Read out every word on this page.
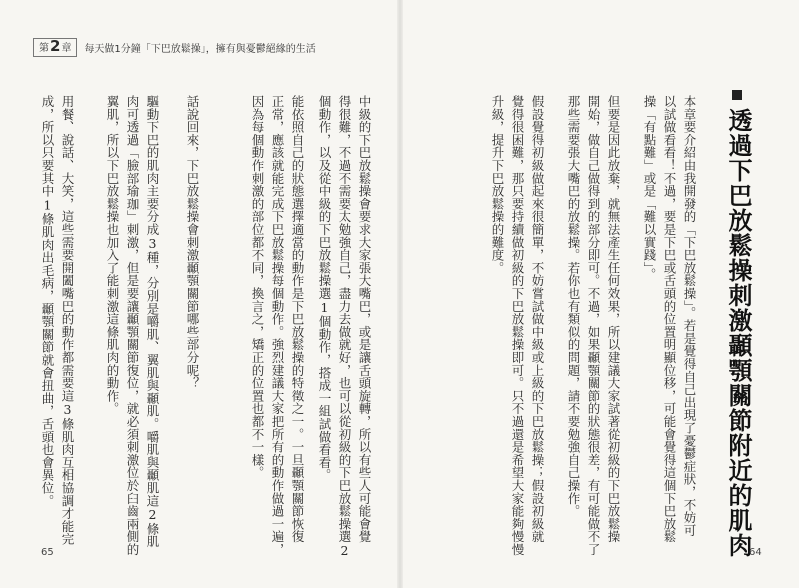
第 2 章 每天做1分鐘「下巴放鬆操」，擁有與憂鬱絕緣的生活
透過下巴放鬆操刺激顳顎關節附近的肌肉
本章要介紹由我開發的「下巴放鬆操」。若是覺得自己出現了憂鬱症狀，不妨可
以試做看看！不過，要是下巴或舌頭的位置明顯位移，可能會覺得這個下巴放鬆
操「有點難」或是「難以實踐」。
但要是因此放棄，就無法產生任何效果，所以建議大家試著從初級的下巴放鬆操
開始，做自己做得到的部分即可。不過，如果顳顎關節的狀態很差，有可能做不了
那些需要張大嘴巴的放鬆操。若你也有類似的問題，請不要勉強自己操作。
假設覺得初級做起來很簡單，不妨嘗試做中級或上級的下巴放鬆操；假設初級就
覺得很困難，那只要持續做初級的下巴放鬆操即可。只不過還是希望大家能夠慢慢
升級，提升下巴放鬆操的難度。
64
中級的下巴放鬆操會要求大家張大嘴巴，或是讓舌頭旋轉，所以有些人可能會覺
得很難，不過不需要太勉強自己，盡力去做就好，也可以從初級的下巴放鬆操選2
個動作，以及從中級的下巴放鬆操選1個動作，搭成一組試做看看。
能依照自己的狀態選擇適當的動作是下巴放鬆操的特徵之一。一旦顳顎關節恢復
正常，應該就能完成下巴放鬆操每個動作。強烈建議大家把所有的動作做過一遍，
因為每個動作刺激的部位都不同，換言之，矯正的位置也都不一樣。
話說回來，下巴放鬆操會刺激顳顎關節哪些部分呢？
驅動下巴的肌肉主要分成3種，分別是嚼肌、翼肌與顳肌。嚼肌與顳肌這2條肌
肉可透過「臉部瑜珈」刺激，但是要讓顳顎關節復位，就必須刺激位於臼齒兩側的
翼肌，所以下巴放鬆操也加入了能刺激這條肌肉的動作。
用餐、說話、大笑，這些需要開闔嘴巴的動作都需要這3條肌肉互相協調才能完
成，所以只要其中1條肌肉出毛病，顳顎關節就會扭曲，舌頭也會異位。
65
